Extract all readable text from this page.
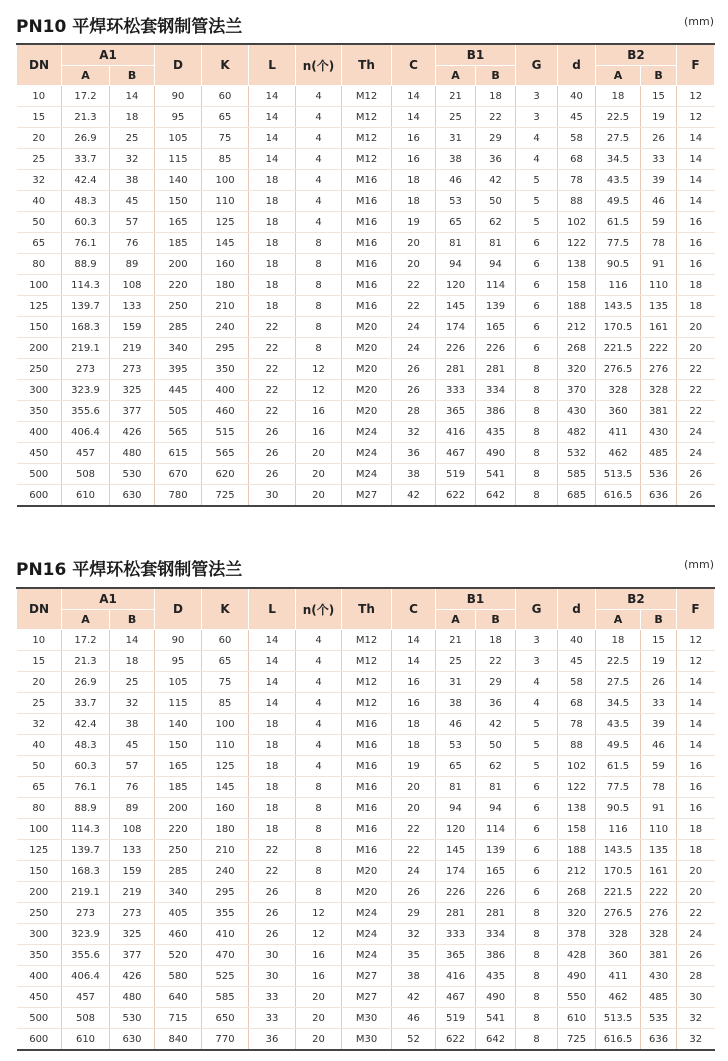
PN10 平焊环松套钢制管法兰	(mm)
DN	A1		D	K	L	n(个)	Th	C	B1		G	d	B2		F
	A	B							A	B			A	B	
10	17.2	14	90	60	14	4	M12	14	21	18	3	40	18	15	12
15	21.3	18	95	65	14	4	M12	14	25	22	3	45	22.5	19	12
20	26.9	25	105	75	14	4	M12	16	31	29	4	58	27.5	26	14
25	33.7	32	115	85	14	4	M12	16	38	36	4	68	34.5	33	14
32	42.4	38	140	100	18	4	M16	18	46	42	5	78	43.5	39	14
40	48.3	45	150	110	18	4	M16	18	53	50	5	88	49.5	46	14
50	60.3	57	165	125	18	4	M16	19	65	62	5	102	61.5	59	16
65	76.1	76	185	145	18	8	M16	20	81	81	6	122	77.5	78	16
80	88.9	89	200	160	18	8	M16	20	94	94	6	138	90.5	91	16
100	114.3	108	220	180	18	8	M16	22	120	114	6	158	116	110	18
125	139.7	133	250	210	18	8	M16	22	145	139	6	188	143.5	135	18
150	168.3	159	285	240	22	8	M20	24	174	165	6	212	170.5	161	20
200	219.1	219	340	295	22	8	M20	24	226	226	6	268	221.5	222	20
250	273	273	395	350	22	12	M20	26	281	281	8	320	276.5	276	22
300	323.9	325	445	400	22	12	M20	26	333	334	8	370	328	328	22
350	355.6	377	505	460	22	16	M20	28	365	386	8	430	360	381	22
400	406.4	426	565	515	26	16	M24	32	416	435	8	482	411	430	24
450	457	480	615	565	26	20	M24	36	467	490	8	532	462	485	24
500	508	530	670	620	26	20	M24	38	519	541	8	585	513.5	536	26
600	610	630	780	725	30	20	M27	42	622	642	8	685	616.5	636	26
PN16 平焊环松套钢制管法兰	(mm)
DN	A1		D	K	L	n(个)	Th	C	B1		G	d	B2		F
	A	B							A	B			A	B	
10	17.2	14	90	60	14	4	M12	14	21	18	3	40	18	15	12
15	21.3	18	95	65	14	4	M12	14	25	22	3	45	22.5	19	12
20	26.9	25	105	75	14	4	M12	16	31	29	4	58	27.5	26	14
25	33.7	32	115	85	14	4	M12	16	38	36	4	68	34.5	33	14
32	42.4	38	140	100	18	4	M16	18	46	42	5	78	43.5	39	14
40	48.3	45	150	110	18	4	M16	18	53	50	5	88	49.5	46	14
50	60.3	57	165	125	18	4	M16	19	65	62	5	102	61.5	59	16
65	76.1	76	185	145	18	8	M16	20	81	81	6	122	77.5	78	16
80	88.9	89	200	160	18	8	M16	20	94	94	6	138	90.5	91	16
100	114.3	108	220	180	18	8	M16	22	120	114	6	158	116	110	18
125	139.7	133	250	210	22	8	M16	22	145	139	6	188	143.5	135	18
150	168.3	159	285	240	22	8	M20	24	174	165	6	212	170.5	161	20
200	219.1	219	340	295	26	8	M20	26	226	226	6	268	221.5	222	20
250	273	273	405	355	26	12	M24	29	281	281	8	320	276.5	276	22
300	323.9	325	460	410	26	12	M24	32	333	334	8	378	328	328	24
350	355.6	377	520	470	30	16	M24	35	365	386	8	428	360	381	26
400	406.4	426	580	525	30	16	M27	38	416	435	8	490	411	430	28
450	457	480	640	585	33	20	M27	42	467	490	8	550	462	485	30
500	508	530	715	650	33	20	M30	46	519	541	8	610	513.5	535	32
600	610	630	840	770	36	20	M30	52	622	642	8	725	616.5	636	32
